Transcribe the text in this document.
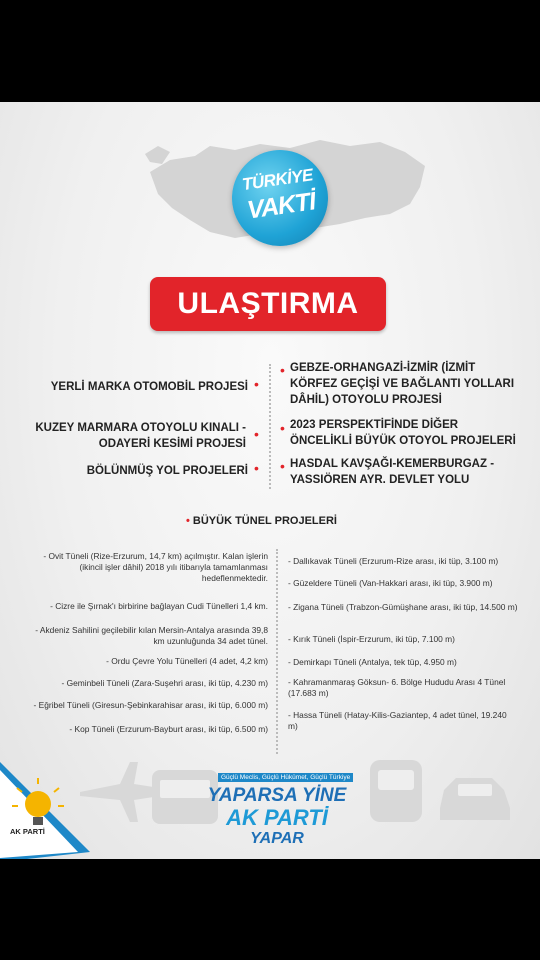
TÜRKİYE
VAKTİ
ULAŞTIRMA
YERLİ MARKA OTOMOBİL PROJESİ •
KUZEY MARMARA OTOYOLU KINALI -ODAYERİ KESİMİ PROJESİ
•
BÖLÜNMÜŞ YOL PROJELERİ •
• GEBZE-ORHANGAZİ-İZMİR (İZMİT KÖRFEZ GEÇİŞİ VE BAĞLANTI YOLLARI DÂHİL) OTOYOLU PROJESİ
• 2023 PERSPEKTİFİNDE DİĞER ÖNCELİKLİ BÜYÜK OTOYOL PROJELERİ
• HASDAL KAVŞAĞI-KEMERBURGAZ -YASSIÖREN AYR. DEVLET YOLU
• BÜYÜK TÜNEL PROJELERİ
- Ovit Tüneli (Rize-Erzurum, 14,7 km) açılmıştır. Kalan işlerin (ikincil işler dâhil) 2018 yılı itibarıyla tamamlanması hedeflenmektedir.
- Cizre ile Şırnak'ı birbirine bağlayan Cudi Tünelleri 1,4 km.
- Akdeniz Sahilini geçilebilir kılan Mersin-Antalya arasında 39,8 km uzunluğunda 34 adet tünel.
- Ordu Çevre Yolu Tünelleri (4 adet, 4,2 km)
- Geminbeli Tüneli (Zara-Suşehri arası, iki tüp, 4.230 m)
- Eğribel Tüneli (Giresun-Şebinkarahisar arası, iki tüp, 6.000 m)
- Kop Tüneli (Erzurum-Bayburt arası, iki tüp, 6.500 m)
- Dallıkavak Tüneli (Erzurum-Rize arası, iki tüp, 3.100 m)
- Güzeldere Tüneli (Van-Hakkari arası, iki tüp, 3.900 m)
- Zigana Tüneli (Trabzon-Gümüşhane arası, iki tüp, 14.500 m)
- Kırık Tüneli (İspir-Erzurum, iki tüp, 7.100 m)
- Demirkapı Tüneli (Antalya, tek tüp, 4.950 m)
- Kahramanmaraş Göksun- 6. Bölge Hududu Arası 4 Tünel (17.683 m)
- Hassa Tüneli (Hatay-Kilis-Gaziantep, 4 adet tünel, 19.240 m)
Güçlü Meclis, Güçlü Hükümet, Güçlü Türkiye
YAPARSA YİNE
AK PARTİ
YAPAR
AK PARTİ
